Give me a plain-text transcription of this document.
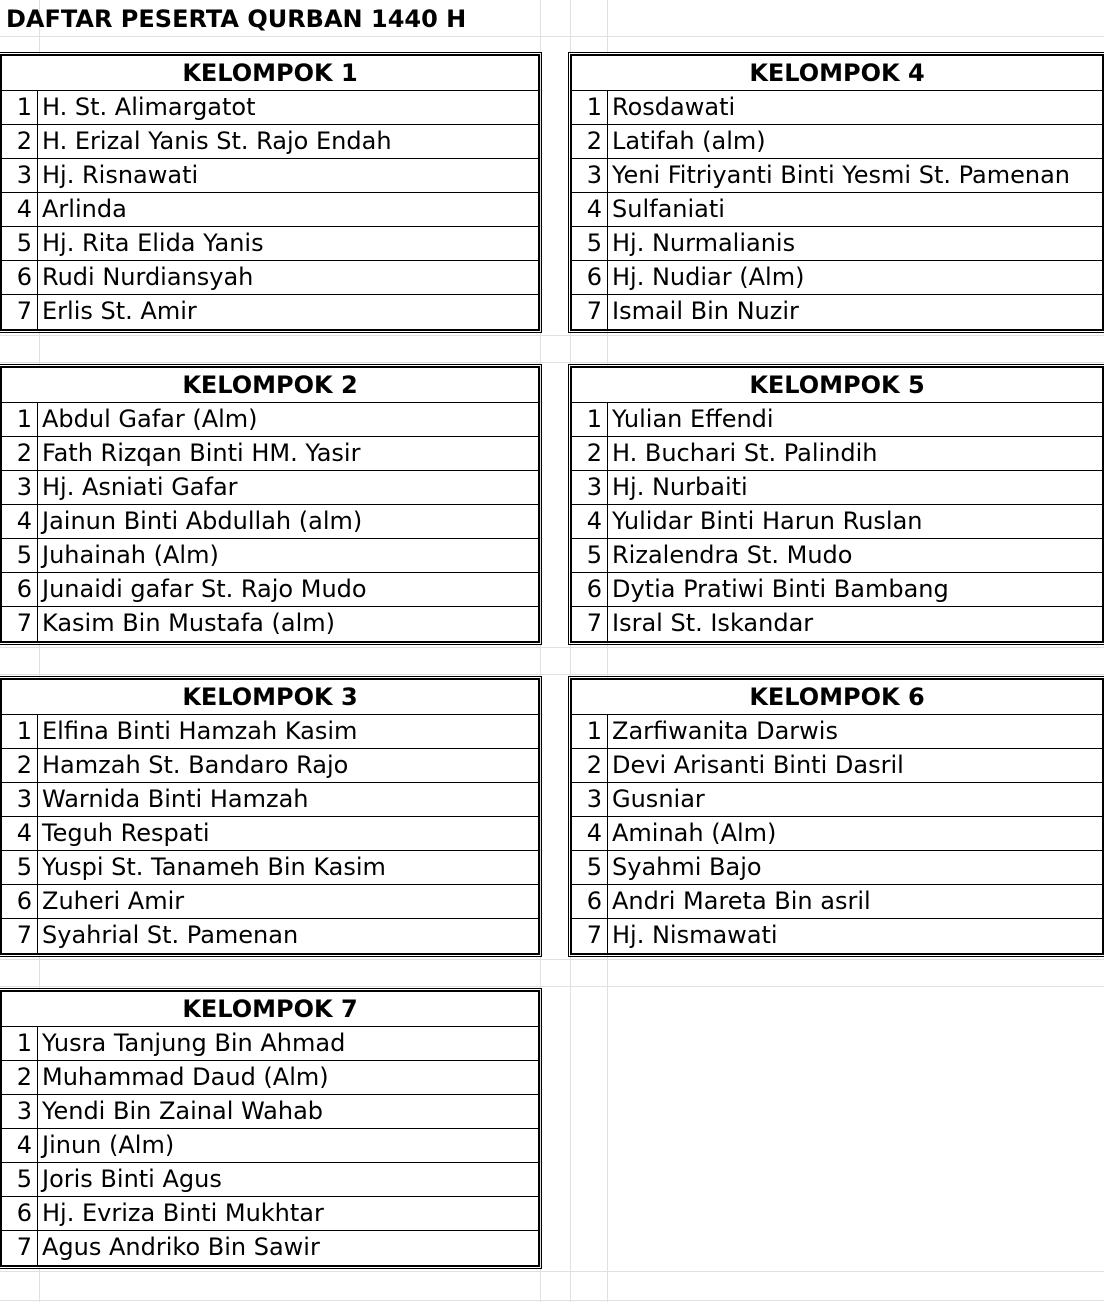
DAFTAR PESERTA QURBAN 1440 H
KELOMPOK 1
1 H. St. Alimargatot
2 H. Erizal Yanis St. Rajo Endah
3 Hj. Risnawati
4 Arlinda
5 Hj. Rita Elida Yanis
6 Rudi Nurdiansyah
7 Erlis St. Amir
KELOMPOK 2
1 Abdul Gafar (Alm)
2 Fath Rizqan Binti HM. Yasir
3 Hj. Asniati Gafar
4 Jainun Binti Abdullah (alm)
5 Juhainah (Alm)
6 Junaidi gafar St. Rajo Mudo
7 Kasim Bin Mustafa (alm)
KELOMPOK 3
1 Elfina Binti Hamzah Kasim
2 Hamzah St. Bandaro Rajo
3 Warnida Binti Hamzah
4 Teguh Respati
5 Yuspi St. Tanameh Bin Kasim
6 Zuheri Amir
7 Syahrial St. Pamenan
KELOMPOK 4
1 Rosdawati
2 Latifah (alm)
3 Yeni Fitriyanti Binti Yesmi St. Pamenan
4 Sulfaniati
5 Hj. Nurmalianis
6 Hj. Nudiar (Alm)
7 Ismail Bin Nuzir
KELOMPOK 5
1 Yulian Effendi
2 H. Buchari St. Palindih
3 Hj. Nurbaiti
4 Yulidar Binti Harun Ruslan
5 Rizalendra St. Mudo
6 Dytia Pratiwi Binti Bambang
7 Isral St. Iskandar
KELOMPOK 6
1 Zarfiwanita Darwis
2 Devi Arisanti Binti Dasril
3 Gusniar
4 Aminah (Alm)
5 Syahmi Bajo
6 Andri Mareta Bin asril
7 Hj. Nismawati
KELOMPOK 7
1 Yusra Tanjung Bin Ahmad
2 Muhammad Daud (Alm)
3 Yendi Bin Zainal Wahab
4 Jinun (Alm)
5 Joris Binti Agus
6 Hj. Evriza Binti Mukhtar
7 Agus Andriko Bin Sawir
